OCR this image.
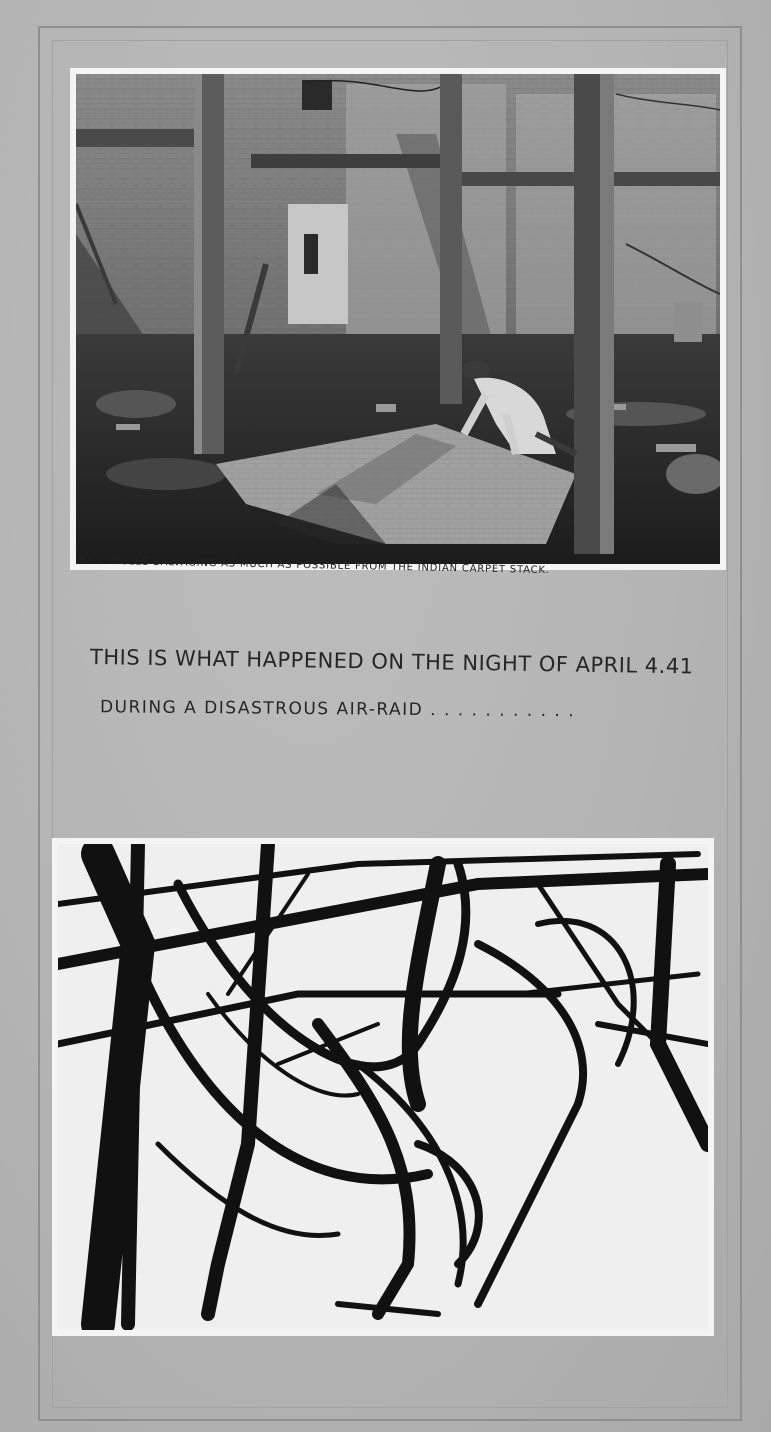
BILL INGLES SALVAGING AS MUCH AS POSSIBLE FROM THE INDIAN CARPET STACK.
THIS IS WHAT HAPPENED ON THE NIGHT OF APRIL 4.41
DURING A DISASTROUS AIR-RAID . . . . . . . . . . .
